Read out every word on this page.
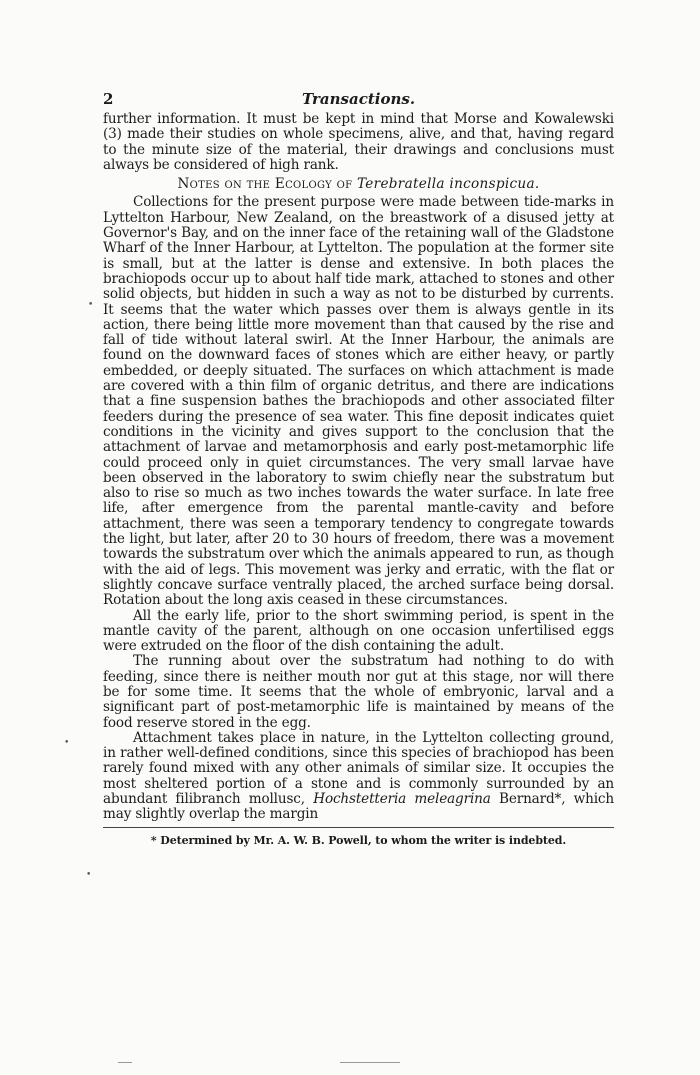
2	Transactions.

further information. It must be kept in mind that Morse and Kowalewski (3) made their studies on whole specimens, alive, and that, having regard to the minute size of the material, their drawings and conclusions must always be considered of high rank.

Notes on the Ecology of Terebratella inconspicua.

Collections for the present purpose were made between tide-marks in Lyttelton Harbour, New Zealand, on the breastwork of a disused jetty at Governor's Bay, and on the inner face of the retaining wall of the Gladstone Wharf of the Inner Harbour, at Lyttelton. The population at the former site is small, but at the latter is dense and extensive. In both places the brachiopods occur up to about half tide mark, attached to stones and other solid objects, but hidden in such a way as not to be disturbed by currents. It seems that the water which passes over them is always gentle in its action, there being little more movement than that caused by the rise and fall of tide without lateral swirl. At the Inner Harbour, the animals are found on the downward faces of stones which are either heavy, or partly embedded, or deeply situated. The surfaces on which attachment is made are covered with a thin film of organic detritus, and there are indications that a fine suspension bathes the brachiopods and other associated filter feeders during the presence of sea water. This fine deposit indicates quiet conditions in the vicinity and gives support to the conclusion that the attachment of larvae and metamorphosis and early post-metamorphic life could proceed only in quiet circumstances. The very small larvae have been observed in the laboratory to swim chiefly near the substratum but also to rise so much as two inches towards the water surface. In late free life, after emergence from the parental mantle-cavity and before attachment, there was seen a temporary tendency to congregate towards the light, but later, after 20 to 30 hours of freedom, there was a movement towards the substratum over which the animals appeared to run, as though with the aid of legs. This movement was jerky and erratic, with the flat or slightly concave surface ventrally placed, the arched surface being dorsal. Rotation about the long axis ceased in these circumstances.

All the early life, prior to the short swimming period, is spent in the mantle cavity of the parent, although on one occasion unfertilised eggs were extruded on the floor of the dish containing the adult.

The running about over the substratum had nothing to do with feeding, since there is neither mouth nor gut at this stage, nor will there be for some time. It seems that the whole of embryonic, larval and a significant part of post-metamorphic life is maintained by means of the food reserve stored in the egg.

Attachment takes place in nature, in the Lyttelton collecting ground, in rather well-defined conditions, since this species of brachiopod has been rarely found mixed with any other animals of similar size. It occupies the most sheltered portion of a stone and is commonly surrounded by an abundant filibranch mollusc, Hochstetteria meleagrina Bernard*, which may slightly overlap the margin

* Determined by Mr. A. W. B. Powell, to whom the writer is indebted.
•
•
•
